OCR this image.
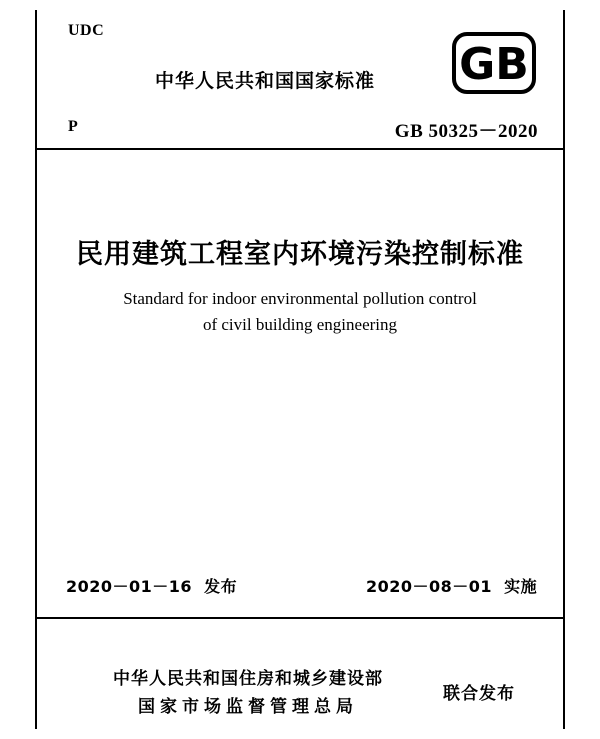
UDC
中华人民共和国国家标准 GB
P	GB 50325－2020
民用建筑工程室内环境污染控制标准
Standard for indoor environmental pollution control
of civil building engineering
2020－01－16 发布	2020－08－01 实施
中华人民共和国住房和城乡建设部
国家市场监督管理总局
联合发布
